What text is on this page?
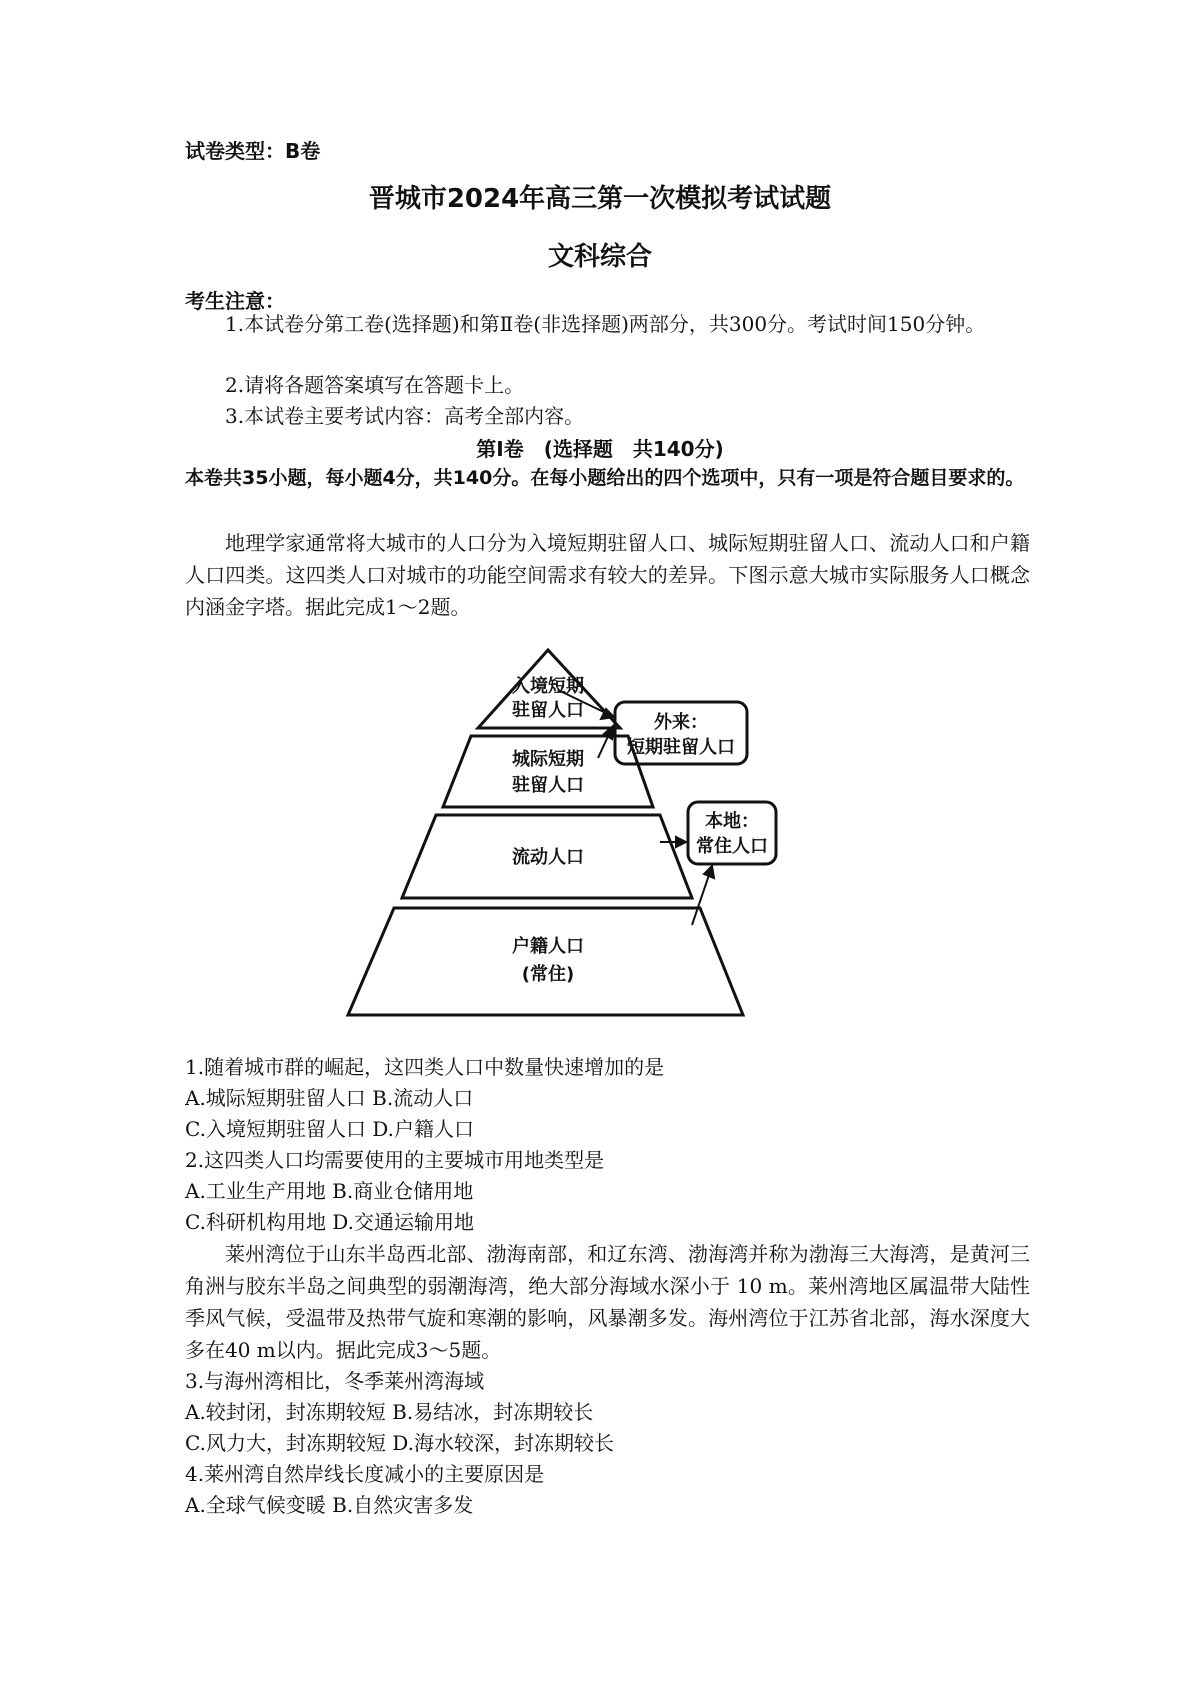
试卷类型：B卷
晋城市2024年高三第一次模拟考试试题
文科综合
考生注意：
1.本试卷分第工卷(选择题)和第Ⅱ卷(非选择题)两部分，共300分。考试时间150分钟。
2.请将各题答案填写在答题卡上。
3.本试卷主要考试内容：高考全部内容。
第Ⅰ卷　(选择题　共140分)
本卷共35小题，每小题4分，共140分。在每小题给出的四个选项中，只有一项是符合题目要求的。
地理学家通常将大城市的人口分为入境短期驻留人口、城际短期驻留人口、流动人口和户籍人口四类。这四类人口对城市的功能空间需求有较大的差异。下图示意大城市实际服务人口概念内涵金字塔。据此完成1～2题。
入境短期
驻留人口
城际短期
驻留人口
流动人口
户籍人口
(常住)
外来：
短期驻留人口
本地：
常住人口
1.随着城市群的崛起，这四类人口中数量快速增加的是
A.城际短期驻留人口 B.流动人口
C.入境短期驻留人口 D.户籍人口
2.这四类人口均需要使用的主要城市用地类型是
A.工业生产用地 B.商业仓储用地
C.科研机构用地 D.交通运输用地
莱州湾位于山东半岛西北部、渤海南部，和辽东湾、渤海湾并称为渤海三大海湾，是黄河三角洲与胶东半岛之间典型的弱潮海湾，绝大部分海域水深小于 10 m。莱州湾地区属温带大陆性季风气候，受温带及热带气旋和寒潮的影响，风暴潮多发。海州湾位于江苏省北部，海水深度大多在40 m以内。据此完成3～5题。
3.与海州湾相比，冬季莱州湾海域
A.较封闭，封冻期较短 B.易结冰，封冻期较长
C.风力大，封冻期较短 D.海水较深，封冻期较长
4.莱州湾自然岸线长度减小的主要原因是
A.全球气候变暖 B.自然灾害多发
